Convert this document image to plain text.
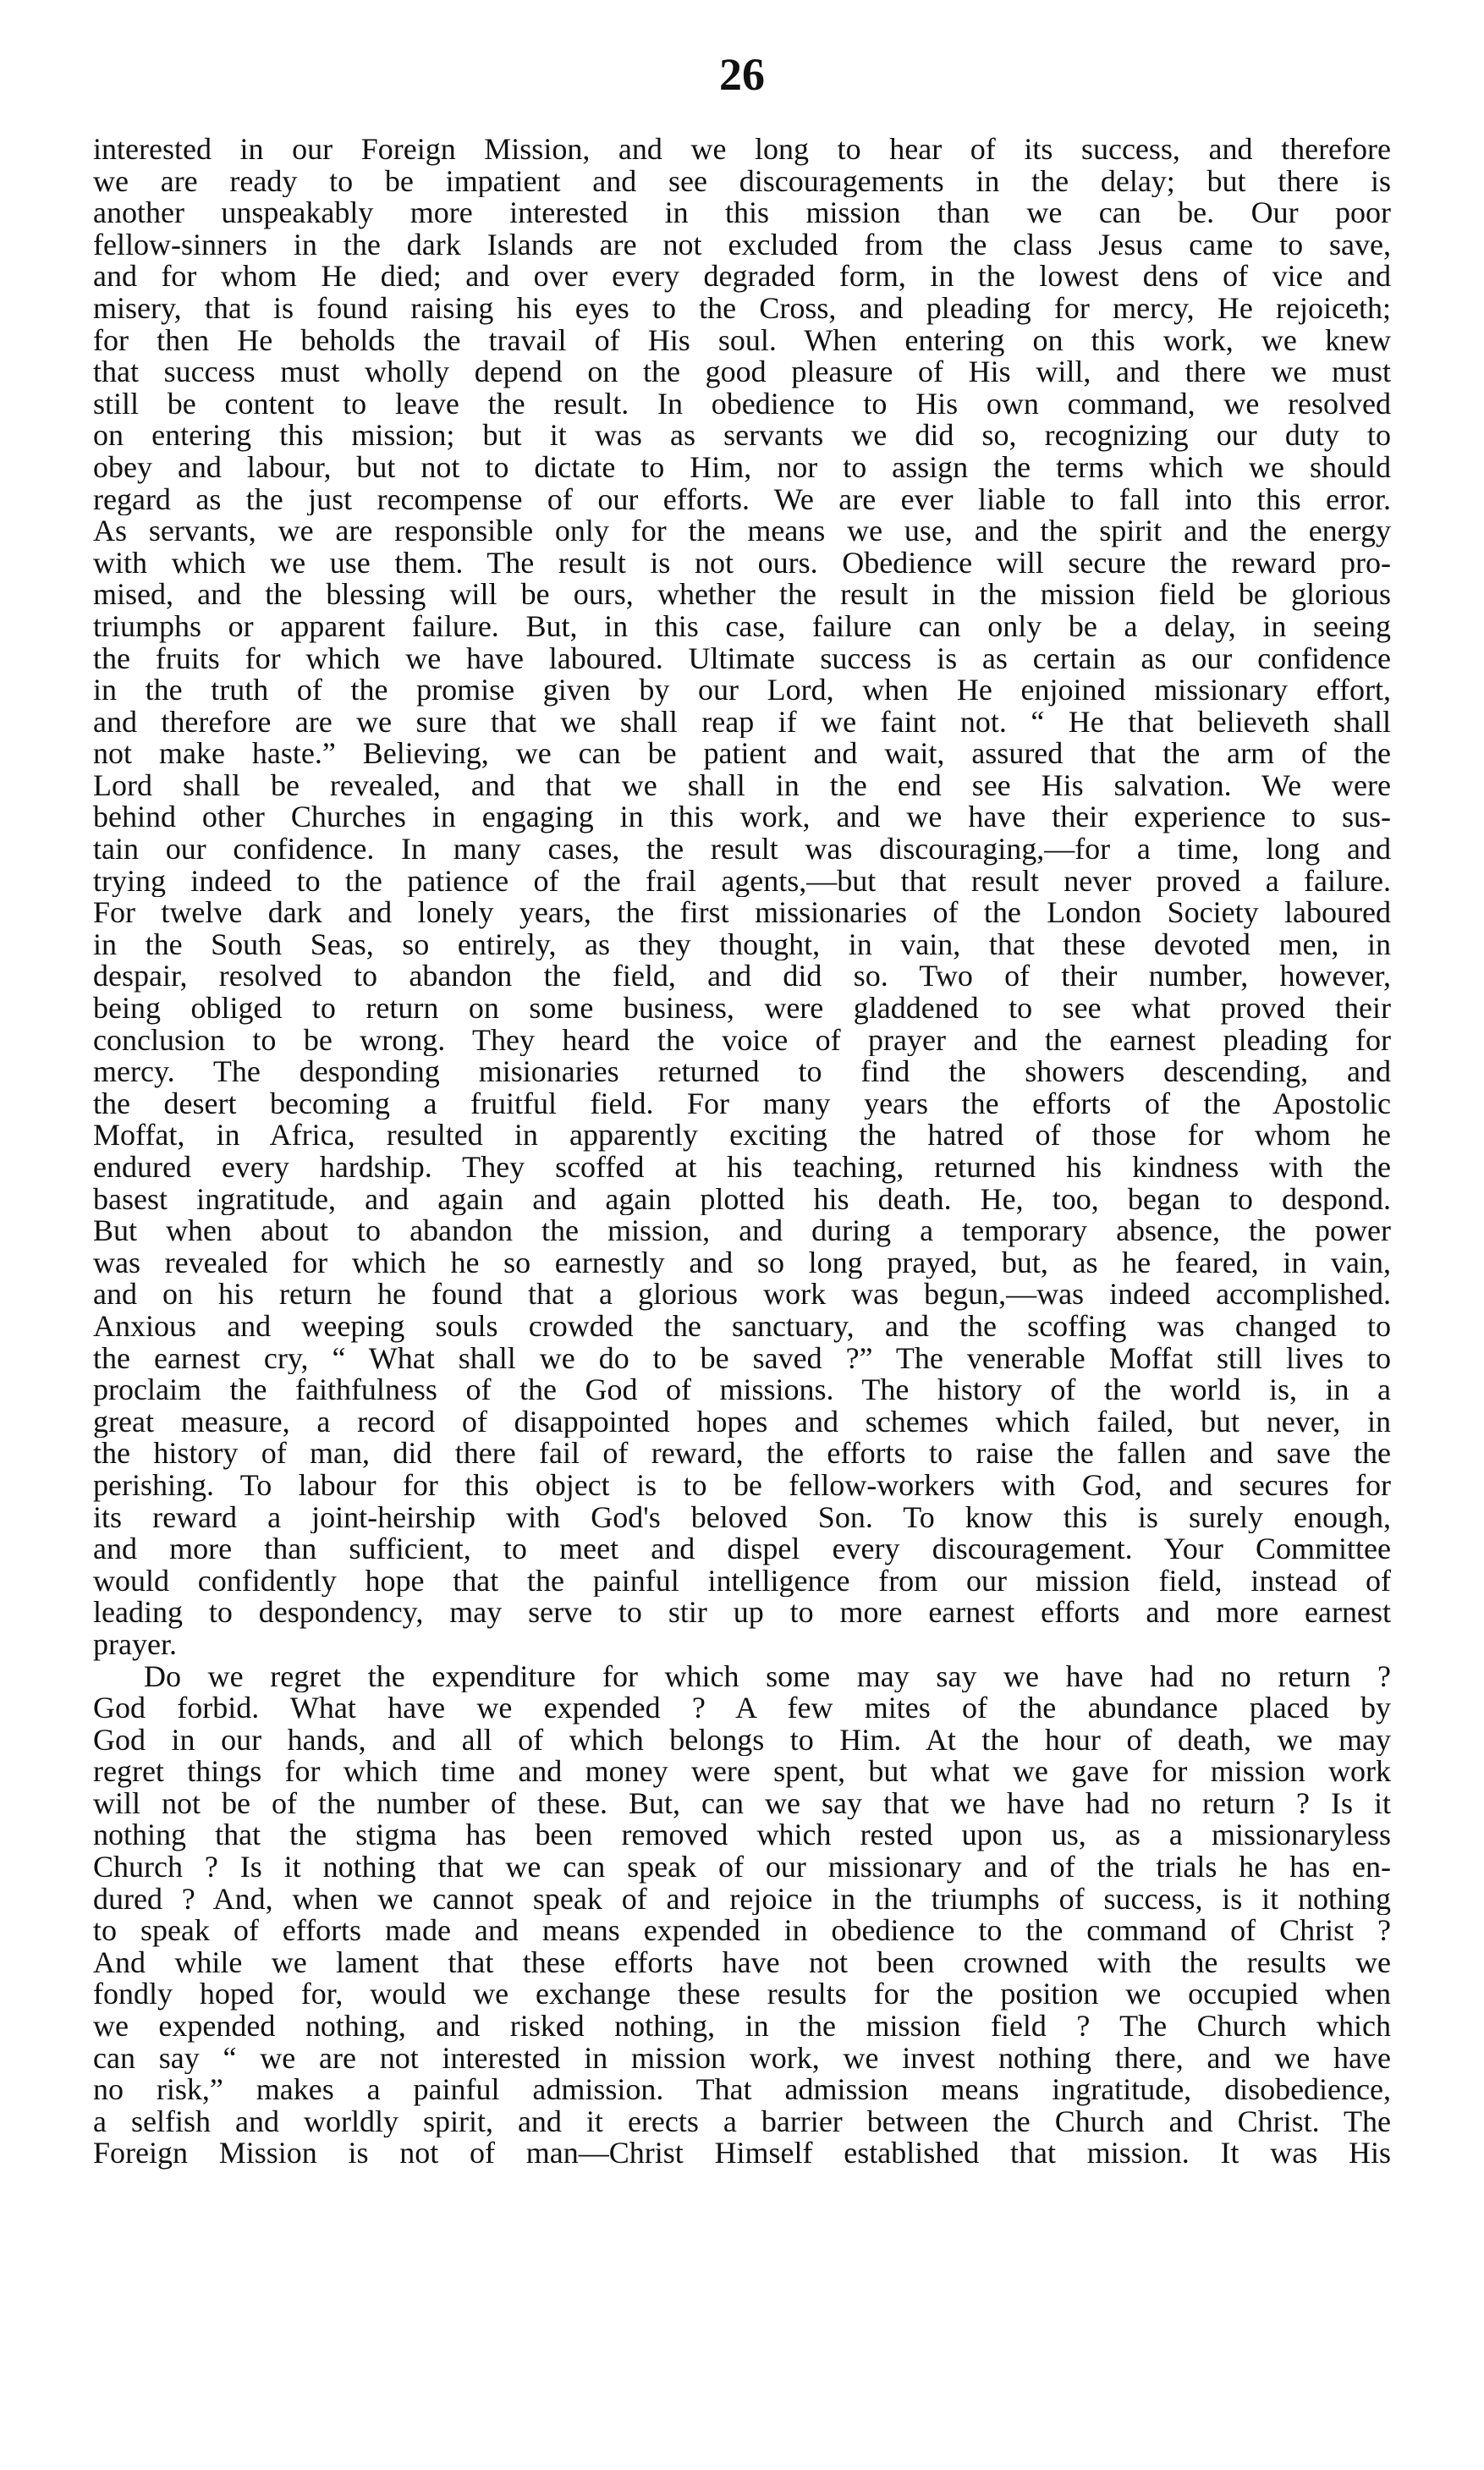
26
interested in our Foreign Mission, and we long to hear of its success, and therefore
we are ready to be impatient and see discouragements in the delay; but there is
another unspeakably more interested in this mission than we can be. Our poor
fellow-sinners in the dark Islands are not excluded from the class Jesus came to save,
and for whom He died; and over every degraded form, in the lowest dens of vice and
misery, that is found raising his eyes to the Cross, and pleading for mercy, He rejoiceth;
for then He beholds the travail of His soul. When entering on this work, we knew
that success must wholly depend on the good pleasure of His will, and there we must
still be content to leave the result. In obedience to His own command, we resolved
on entering this mission; but it was as servants we did so, recognizing our duty to
obey and labour, but not to dictate to Him, nor to assign the terms which we should
regard as the just recompense of our efforts. We are ever liable to fall into this error.
As servants, we are responsible only for the means we use, and the spirit and the energy
with which we use them. The result is not ours. Obedience will secure the reward pro-
mised, and the blessing will be ours, whether the result in the mission field be glorious
triumphs or apparent failure. But, in this case, failure can only be a delay, in seeing
the fruits for which we have laboured. Ultimate success is as certain as our confidence
in the truth of the promise given by our Lord, when He enjoined missionary effort,
and therefore are we sure that we shall reap if we faint not. “ He that believeth shall
not make haste.” Believing, we can be patient and wait, assured that the arm of the
Lord shall be revealed, and that we shall in the end see His salvation. We were
behind other Churches in engaging in this work, and we have their experience to sus-
tain our confidence. In many cases, the result was discouraging,—for a time, long and
trying indeed to the patience of the frail agents,—but that result never proved a failure.
For twelve dark and lonely years, the first missionaries of the London Society laboured
in the South Seas, so entirely, as they thought, in vain, that these devoted men, in
despair, resolved to abandon the field, and did so. Two of their number, however,
being obliged to return on some business, were gladdened to see what proved their
conclusion to be wrong. They heard the voice of prayer and the earnest pleading for
mercy. The desponding misionaries returned to find the showers descending, and
the desert becoming a fruitful field. For many years the efforts of the Apostolic
Moffat, in Africa, resulted in apparently exciting the hatred of those for whom he
endured every hardship. They scoffed at his teaching, returned his kindness with the
basest ingratitude, and again and again plotted his death. He, too, began to despond.
But when about to abandon the mission, and during a temporary absence, the power
was revealed for which he so earnestly and so long prayed, but, as he feared, in vain,
and on his return he found that a glorious work was begun,—was indeed accomplished.
Anxious and weeping souls crowded the sanctuary, and the scoffing was changed to
the earnest cry, “ What shall we do to be saved ?” The venerable Moffat still lives to
proclaim the faithfulness of the God of missions. The history of the world is, in a
great measure, a record of disappointed hopes and schemes which failed, but never, in
the history of man, did there fail of reward, the efforts to raise the fallen and save the
perishing. To labour for this object is to be fellow-workers with God, and secures for
its reward a joint-heirship with God's beloved Son. To know this is surely enough,
and more than sufficient, to meet and dispel every discouragement. Your Committee
would confidently hope that the painful intelligence from our mission field, instead of
leading to despondency, may serve to stir up to more earnest efforts and more earnest
prayer.
Do we regret the expenditure for which some may say we have had no return ?
God forbid. What have we expended ? A few mites of the abundance placed by
God in our hands, and all of which belongs to Him. At the hour of death, we may
regret things for which time and money were spent, but what we gave for mission work
will not be of the number of these. But, can we say that we have had no return ? Is it
nothing that the stigma has been removed which rested upon us, as a missionaryless
Church ? Is it nothing that we can speak of our missionary and of the trials he has en-
dured ? And, when we cannot speak of and rejoice in the triumphs of success, is it nothing
to speak of efforts made and means expended in obedience to the command of Christ ?
And while we lament that these efforts have not been crowned with the results we
fondly hoped for, would we exchange these results for the position we occupied when
we expended nothing, and risked nothing, in the mission field ? The Church which
can say “ we are not interested in mission work, we invest nothing there, and we have
no risk,” makes a painful admission. That admission means ingratitude, disobedience,
a selfish and worldly spirit, and it erects a barrier between the Church and Christ. The
Foreign Mission is not of man—Christ Himself established that mission. It was His
